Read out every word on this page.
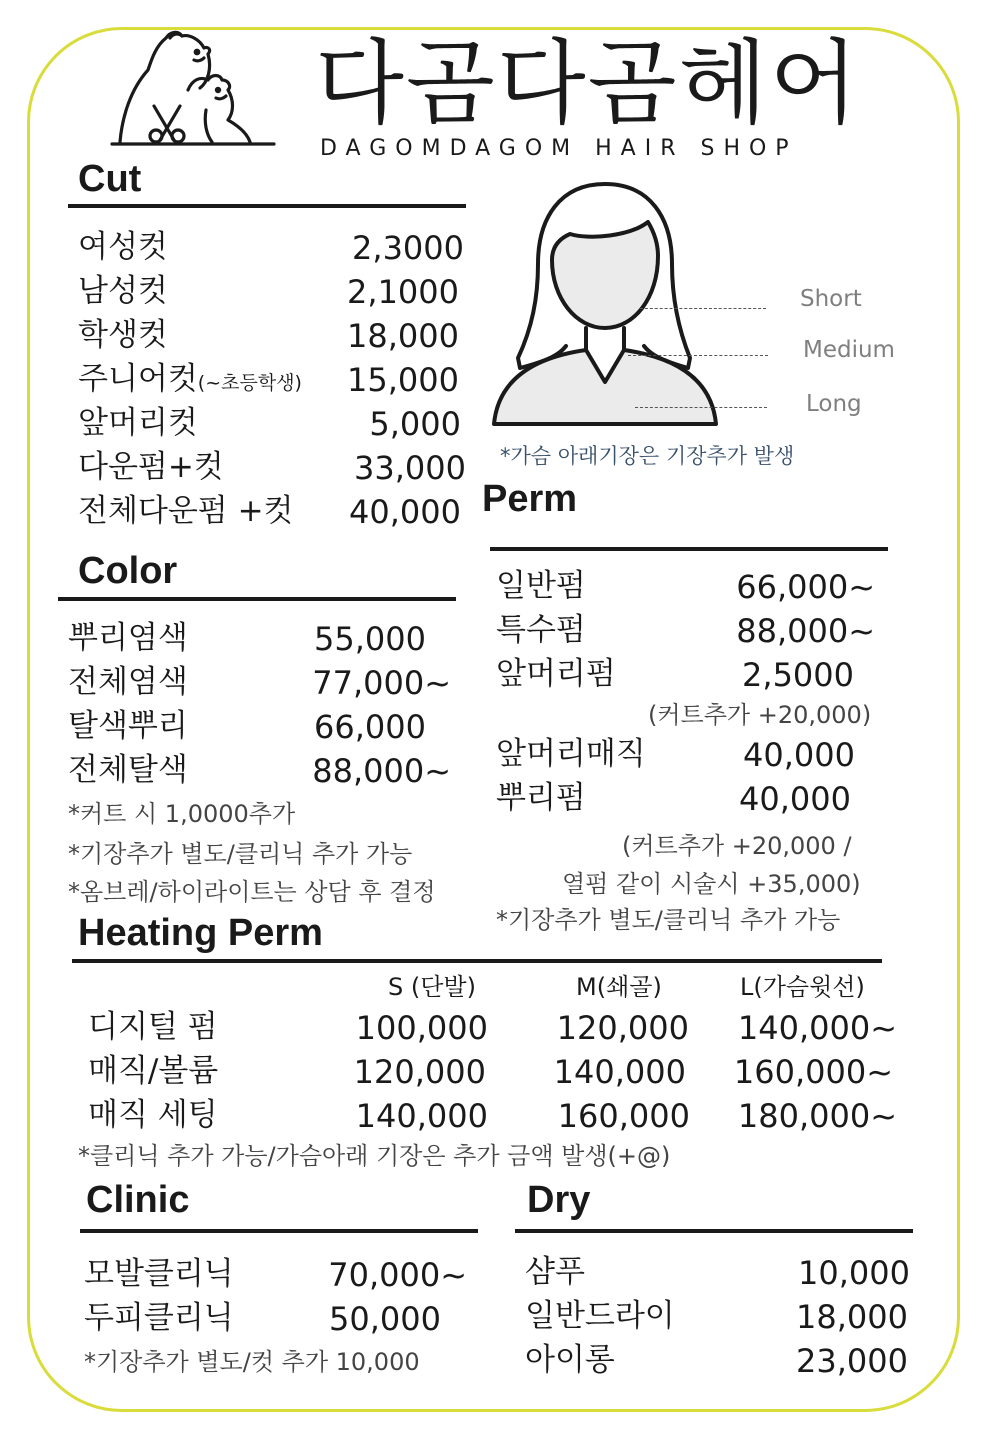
다곰다곰헤어
DAGOMDAGOM HAIR SHOP
Cut
여성컷	2,3000
남성컷	2,1000
학생컷	18,000
주니어컷(~초등학생) 15,000
앞머리컷	5,000
다운펌+컷	33,000
전체다운펌 +컷 40,000
Short
Medium
Long
*가슴 아래기장은 기장추가 발생
Perm
일반펌	66,000~
특수펌	88,000~
앞머리펌	2,5000
(커트추가 +20,000)
앞머리매직	40,000
뿌리펌	40,000
(커트추가 +20,000 /
열펌 같이 시술시 +35,000)
*기장추가 별도/클리닉 추가 가능
Color
뿌리염색	55,000
전체염색	77,000~
탈색뿌리	66,000
전체탈색	88,000~
*커트 시 1,0000추가
*기장추가 별도/클리닉 추가 가능
*옴브레/하이라이트는 상담 후 결정
Heating Perm
S (단발)	M(쇄골)	L(가슴윗선)
디지털 펌	100,000 120,000 140,000~
매직/볼륨	120,000 140,000 160,000~
매직 세팅	140,000 160,000 180,000~
*클리닉 추가 가능/가슴아래 기장은 추가 금액 발생(+@)
Clinic
모발클리닉	70,000~
두피클리닉	50,000
*기장추가 별도/컷 추가 10,000
Dry
샴푸	10,000
일반드라이	18,000
아이롱	23,000
